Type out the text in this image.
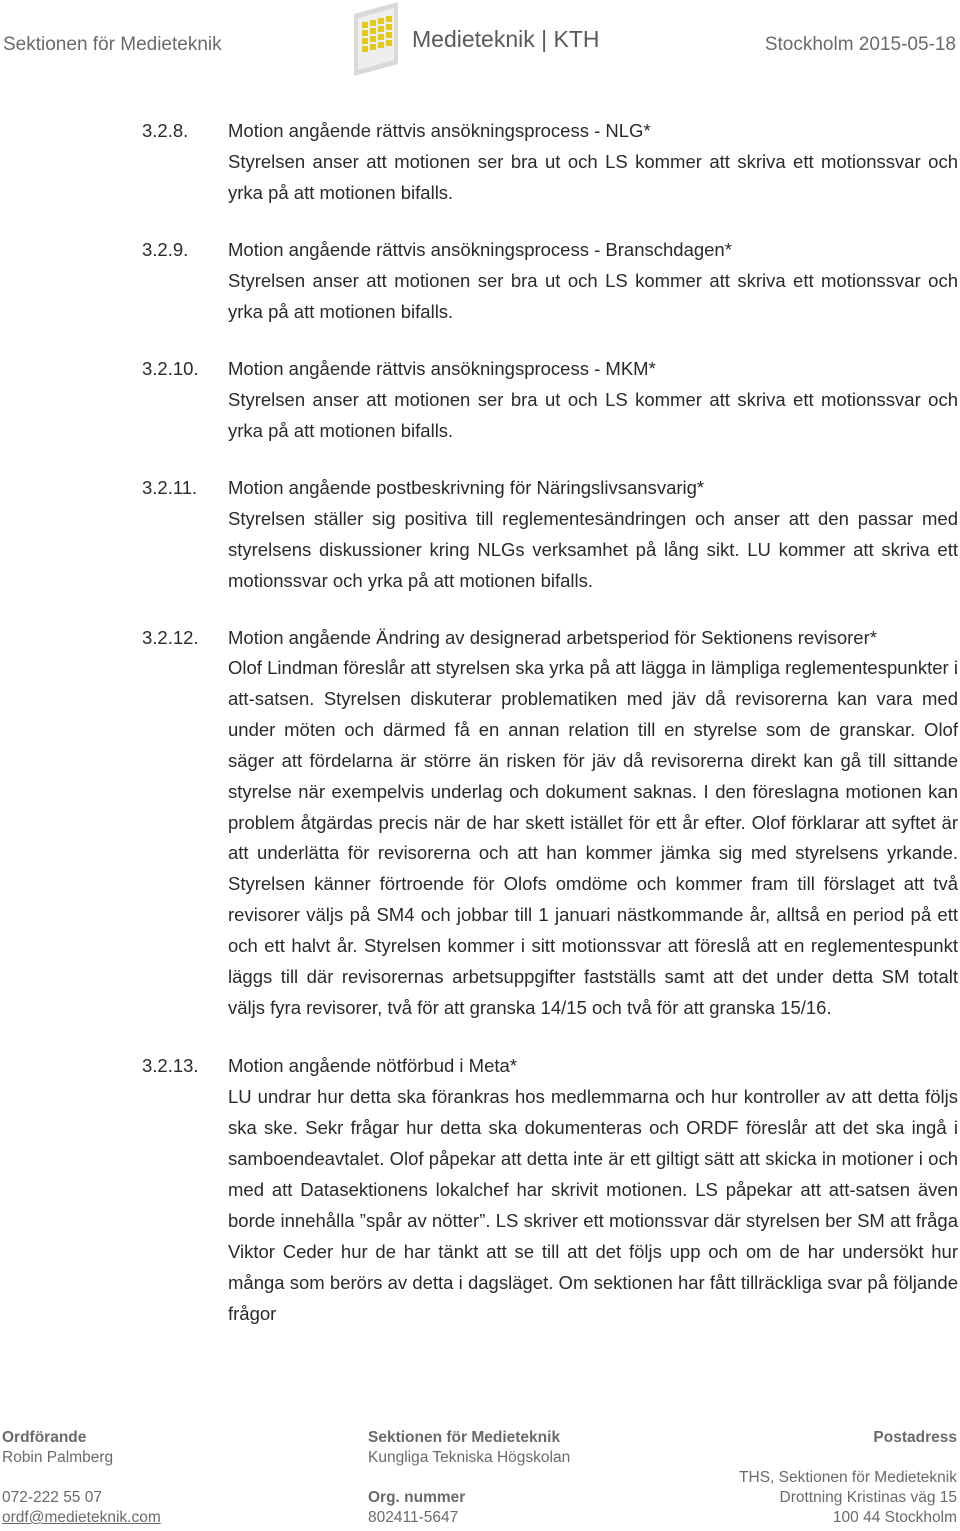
Sektionen för Medieteknik	Medieteknik | KTH	Stockholm 2015-05-18
3.2.8. Motion angående rättvis ansökningsprocess - NLG*

Styrelsen anser att motionen ser bra ut och LS kommer att skriva ett motionssvar och yrka på att motionen bifalls.

3.2.9. Motion angående rättvis ansökningsprocess - Branschdagen*

Styrelsen anser att motionen ser bra ut och LS kommer att skriva ett motionssvar och yrka på att motionen bifalls.

3.2.10. Motion angående rättvis ansökningsprocess - MKM*

Styrelsen anser att motionen ser bra ut och LS kommer att skriva ett motionssvar och yrka på att motionen bifalls.

3.2.11. Motion angående postbeskrivning för Näringslivsansvarig*

Styrelsen ställer sig positiva till reglementesändringen och anser att den passar med styrelsens diskussioner kring NLGs verksamhet på lång sikt. LU kommer att skriva ett motionssvar och yrka på att motionen bifalls.

3.2.12. Motion angående Ändring av designerad arbetsperiod för Sektionens revisorer*

Olof Lindman föreslår att styrelsen ska yrka på att lägga in lämpliga reglementespunkter i att-satsen. Styrelsen diskuterar problematiken med jäv då revisorerna kan vara med under möten och därmed få en annan relation till en styrelse som de granskar. Olof säger att fördelarna är större än risken för jäv då revisorerna direkt kan gå till sittande styrelse när exempelvis underlag och dokument saknas. I den föreslagna motionen kan problem åtgärdas precis när de har skett istället för ett år efter. Olof förklarar att syftet är att underlätta för revisorerna och att han kommer jämka sig med styrelsens yrkande. Styrelsen känner förtroende för Olofs omdöme och kommer fram till förslaget att två revisorer väljs på SM4 och jobbar till 1 januari nästkommande år, alltså en period på ett och ett halvt år. Styrelsen kommer i sitt motionssvar att föreslå att en reglementespunkt läggs till där revisorernas arbetsuppgifter fastställs samt att det under detta SM totalt väljs fyra revisorer, två för att granska 14/15 och två för att granska 15/16.

3.2.13. Motion angående nötförbud i Meta*

LU undrar hur detta ska förankras hos medlemmarna och hur kontroller av att detta följs ska ske. Sekr frågar hur detta ska dokumenteras och ORDF föreslår att det ska ingå i samboendeavtalet. Olof påpekar att detta inte är ett giltigt sätt att skicka in motioner i och med att Datasektionens lokalchef har skrivit motionen. LS påpekar att att-satsen även borde innehålla ”spår av nötter”. LS skriver ett motionssvar där styrelsen ber SM att fråga Viktor Ceder hur de har tänkt att se till att det följs upp och om de har undersökt hur många som berörs av detta i dagsläget. Om sektionen har fått tillräckliga svar på följande frågor

Ordförande
Robin Palmberg
072-222 55 07
ordf@medieteknik.com
Sektionen för Medieteknik
Kungliga Tekniska Högskolan
Org. nummer
802411-5647
Postadress
THS, Sektionen för Medieteknik
Drottning Kristinas väg 15
100 44 Stockholm
